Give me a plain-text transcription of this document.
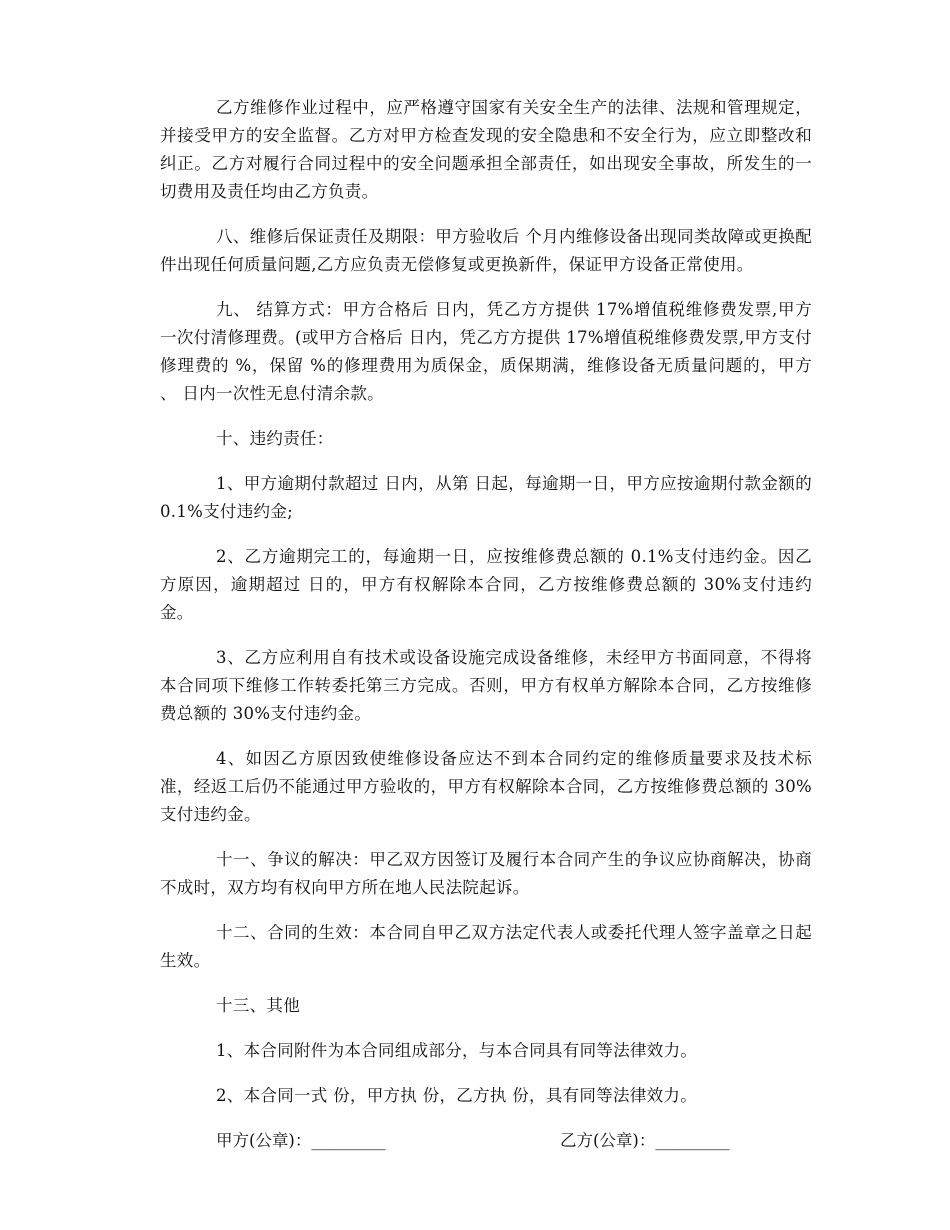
乙方维修作业过程中，应严格遵守国家有关安全生产的法律、法规和管理规定，并接受甲方的安全监督。乙方对甲方检查发现的安全隐患和不安全行为，应立即整改和纠正。乙方对履行合同过程中的安全问题承担全部责任，如出现安全事故，所发生的一切费用及责任均由乙方负责。

八、维修后保证责任及期限：甲方验收后 个月内维修设备出现同类故障或更换配件出现任何质量问题,乙方应负责无偿修复或更换新件，保证甲方设备正常使用。

九、 结算方式：甲方合格后 日内，凭乙方方提供 17%增值税维修费发票,甲方一次付清修理费。(或甲方合格后 日内，凭乙方方提供 17%增值税维修费发票,甲方支付修理费的 %，保留 %的修理费用为质保金，质保期满，维修设备无质量问题的，甲方 、 日内一次性无息付清余款。

十、违约责任：

1、甲方逾期付款超过 日内，从第 日起，每逾期一日，甲方应按逾期付款金额的 0.1%支付违约金;

2、乙方逾期完工的，每逾期一日，应按维修费总额的 0.1%支付违约金。因乙方原因，逾期超过 日的，甲方有权解除本合同，乙方按维修费总额的 30%支付违约金。

3、乙方应利用自有技术或设备设施完成设备维修，未经甲方书面同意，不得将本合同项下维修工作转委托第三方完成。否则，甲方有权单方解除本合同，乙方按维修费总额的 30%支付违约金。

4、如因乙方原因致使维修设备应达不到本合同约定的维修质量要求及技术标准，经返工后仍不能通过甲方验收的，甲方有权解除本合同，乙方按维修费总额的 30%支付违约金。

十一、争议的解决：甲乙双方因签订及履行本合同产生的争议应协商解决，协商不成时，双方均有权向甲方所在地人民法院起诉。

十二、合同的生效：本合同自甲乙双方法定代表人或委托代理人签字盖章之日起生效。

十三、其他

1、本合同附件为本合同组成部分，与本合同具有同等法律效力。

2、本合同一式 份，甲方执 份，乙方执 份，具有同等法律效力。

甲方(公章)：_________	乙方(公章)：_________
